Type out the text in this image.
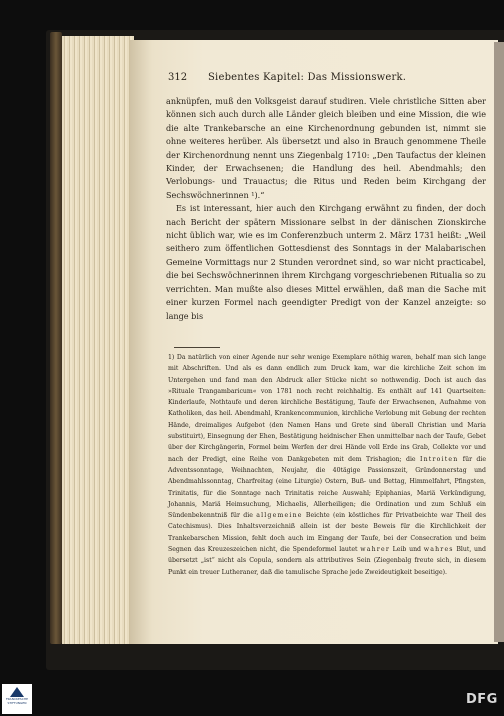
312	Siebentes Kapitel: Das Missionswerk.

anknüpfen, muß den Volksgeist darauf studiren. Viele christliche Sitten aber können sich auch durch alle Länder gleich bleiben und eine Mission, die wie die alte Trankebarsche an eine Kirchenordnung gebunden ist, nimmt sie ohne weiteres herüber. Als übersetzt und also in Brauch genommene Theile der Kirchenordnung nennt uns Ziegenbalg 1710: „Den Taufactus der kleinen Kinder, der Erwachsenen; die Handlung des heil. Abendmahls; den Verlobungs- und Trauactus; die Ritus und Reden beim Kirchgang der Sechswöchnerinnen ¹).“

Es ist interessant, hier auch den Kirchgang erwähnt zu finden, der doch nach Bericht der spätern Missionare selbst in der dänischen Zionskirche nicht üblich war, wie es im Conferenzbuch unterm 2. März 1731 heißt: „Weil seithero zum öffentlichen Gottesdienst des Sonntags in der Malabarischen Gemeine Vormittags nur 2 Stunden verordnet sind, so war nicht practicabel, die bei Sechswöchnerinnen ihrem Kirchgang vorgeschriebenen Ritualia so zu verrichten. Man mußte also dieses Mittel erwählen, daß man die Sache mit einer kurzen Formel nach geendigter Predigt von der Kanzel anzeigte: so lange bis

1) Da natürlich von einer Agende nur sehr wenige Exemplare nöthig waren, behalf man sich lange mit Abschriften. Und als es dann endlich zum Druck kam, war die kirchliche Zeit schon im Untergehen und fand man den Abdruck aller Stücke nicht so nothwendig. Doch ist auch das »Rituale Trangambaricum« von 1781 noch recht reichhaltig. Es enthält auf 141 Quartseiten: Kinderlaufe, Nothtaufe und deren kirchliche Bestätigung, Taufe der Erwachsenen, Aufnahme von Katholiken, das heil. Abendmahl, Krankencommunion, kirchliche Verlobung mit Gebung der rechten Hände, dreimaliges Aufgebot (den Namen Hans und Grete sind überall Christian und Maria substituirt), Einsegnung der Ehen, Bestätigung heidnischer Ehen unmittelbar nach der Taufe, Gebet über der Kirchgängerin, Formel beim Werfen der drei Hände voll Erde ins Grab, Collekte vor und nach der Predigt, eine Reihe von Dankgebeten mit dem Trishagion; die Introiten für die Adventssonntage, Weihnachten, Neujahr, die 40tägige Passionszeit, Gründonnerstag und Abendmahlssonntag, Charfreitag (eine Liturgie) Ostern, Buß- und Bettag, Himmelfahrt, Pfingsten, Trinitatis, für die Sonntage nach Trinitatis reiche Auswahl; Epiphanias, Mariä Verkündigung, Johannis, Mariä Heimsuchung, Michaelis, Allerheiligen; die Ordination und zum Schluß ein Sündenbekenntniß für die allgemeine Beichte (ein köstliches für Privatbeichte war Theil des Catechismus). Dies Inhaltsverzeichniß allein ist der beste Beweis für die Kirchlichkeit der Trankebarschen Mission, fehlt doch auch im Eingang der Taufe, bei der Consecration und beim Segnen das Kreuzeszeichen nicht, die Spendeformel lautet wahrer Leib und wahres Blut, und übersetzt „ist“ nicht als Copula, sondern als attributives Sein (Ziegenbalg freute sich, in diesem Punkt ein treuer Lutheraner, daß die tamulische Sprache jede Zweideutigkeit beseitige).

FRANCKESCHE STIFTUNGEN	DFG
